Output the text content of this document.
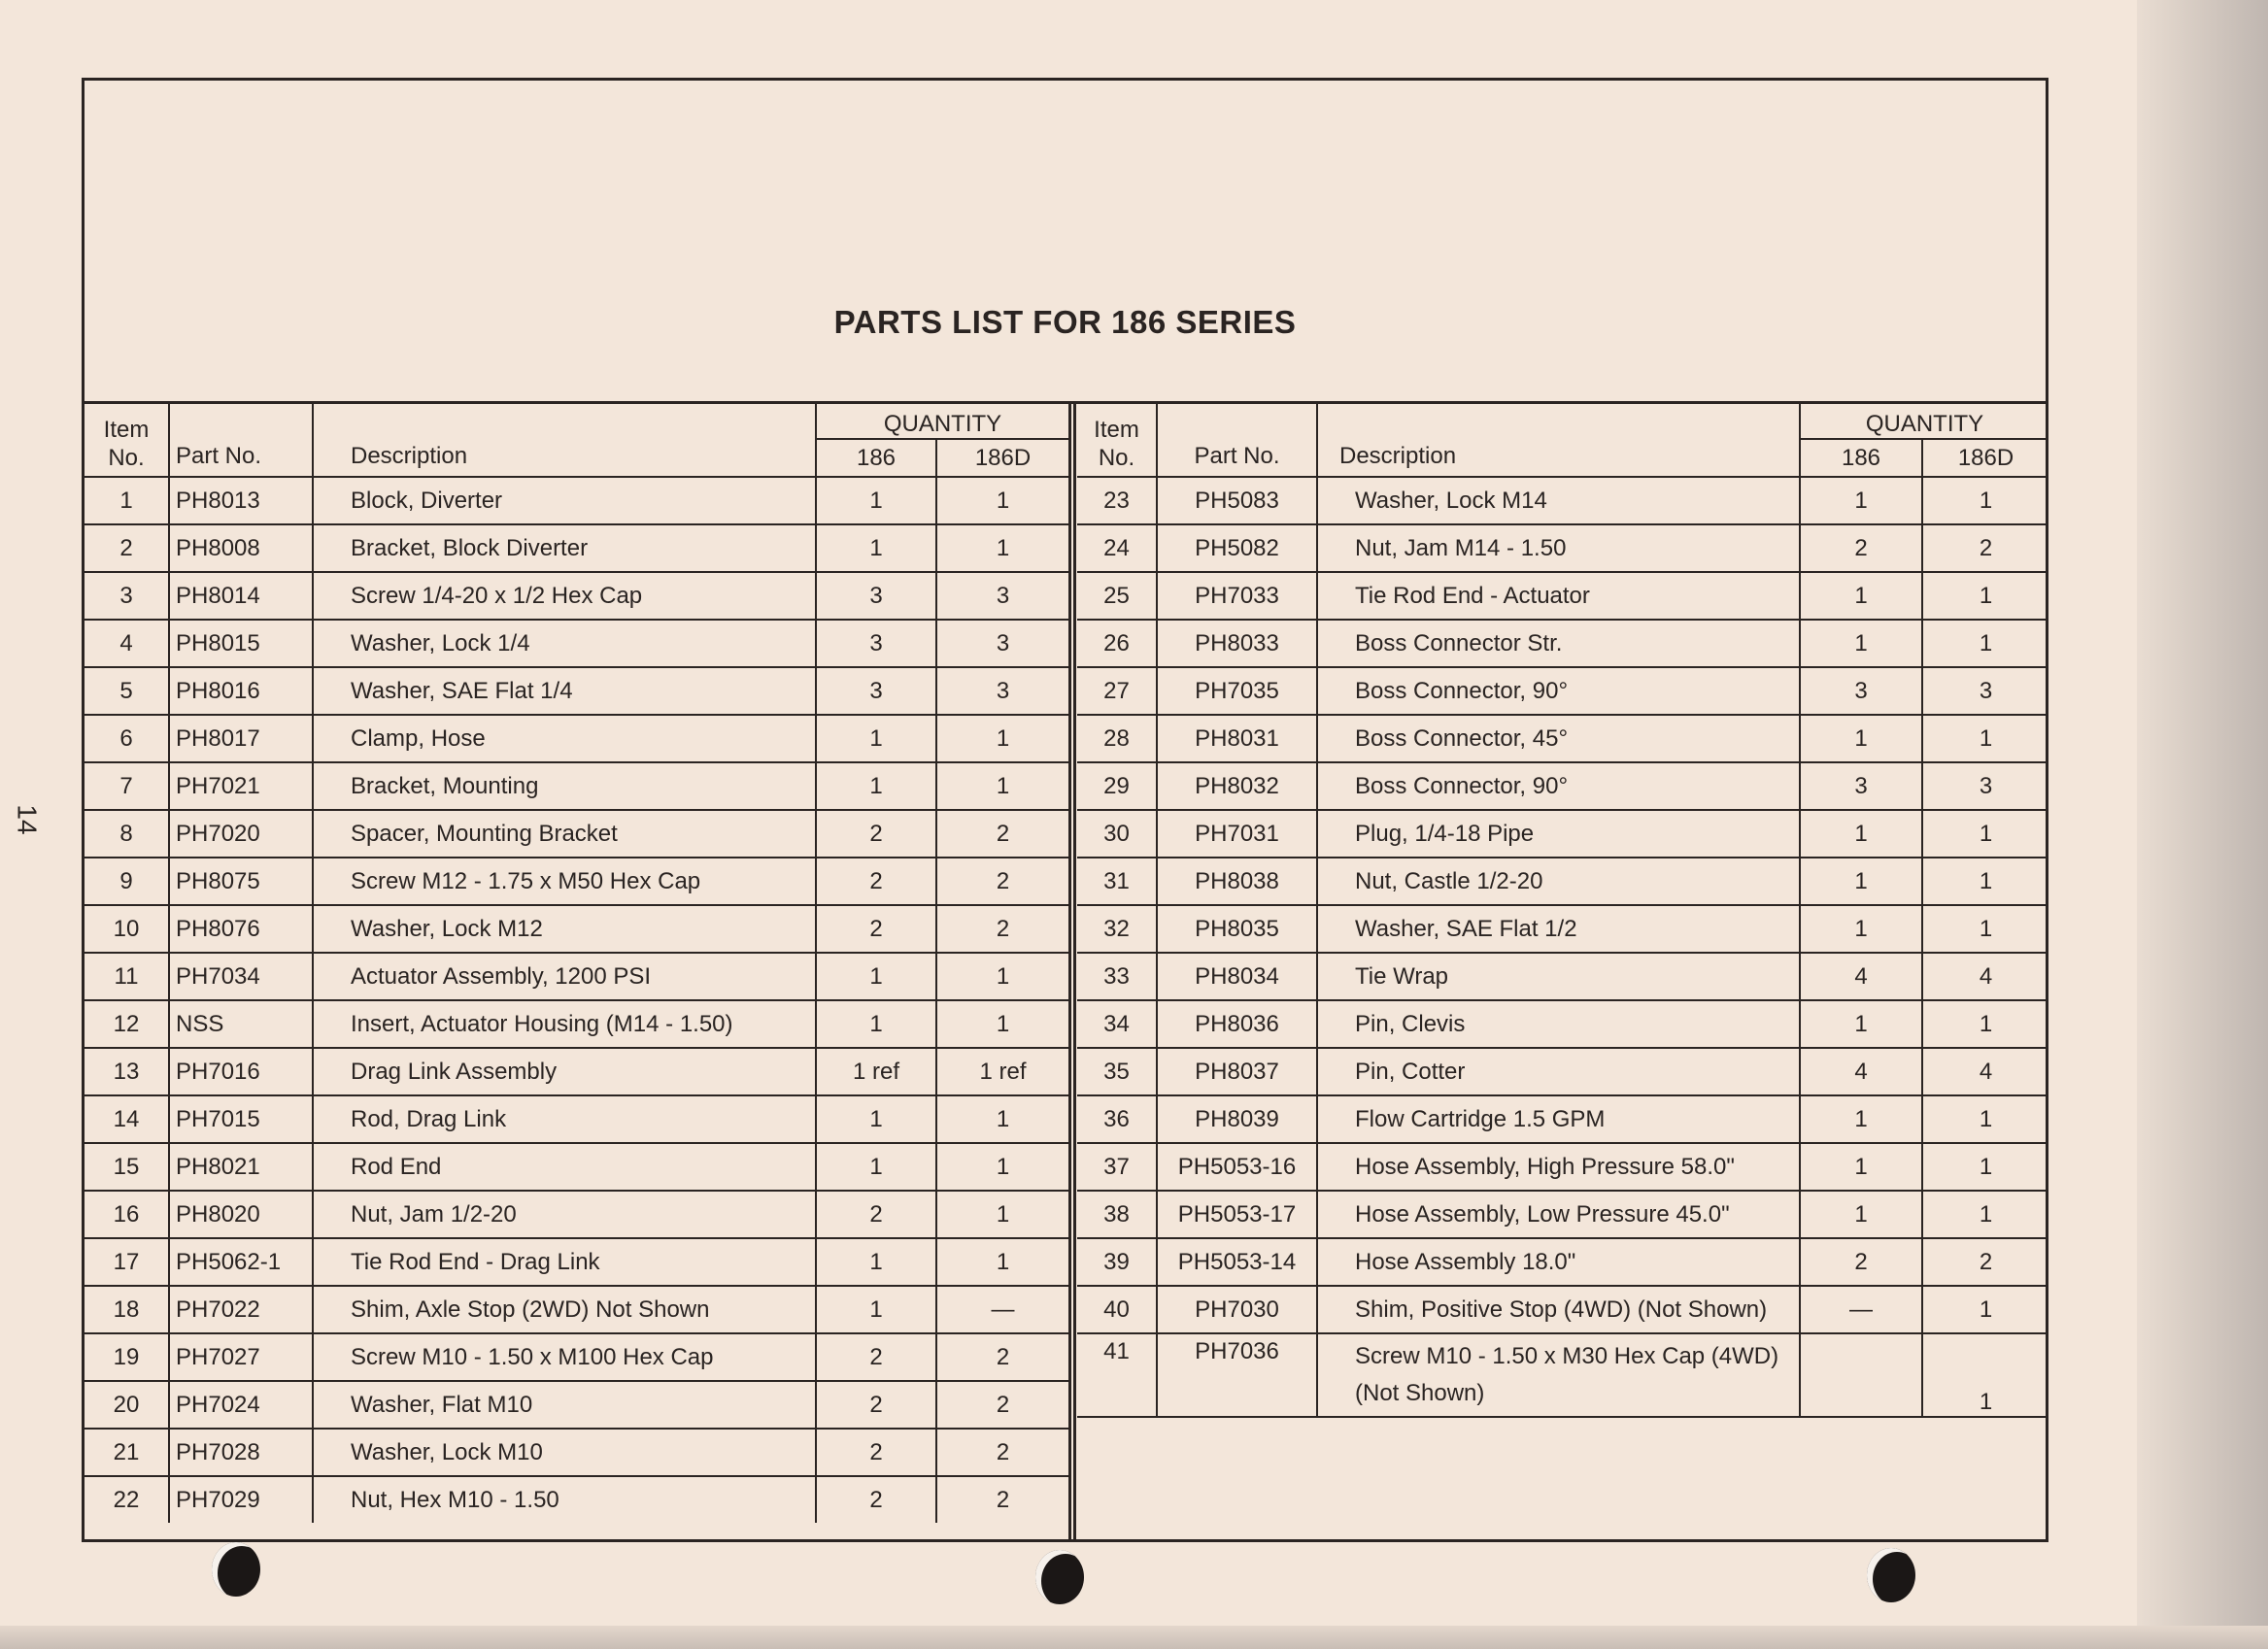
14
PARTS LIST FOR 186 SERIES
Item
No.	Part No.	Description	QUANTITY	
			186	186D
1	PH8013	Block, Diverter	1	1
2	PH8008	Bracket, Block Diverter	1	1
3	PH8014	Screw 1/4-20 x 1/2 Hex Cap	3	3
4	PH8015	Washer, Lock 1/4	3	3
5	PH8016	Washer, SAE Flat 1/4	3	3
6	PH8017	Clamp, Hose	1	1
7	PH7021	Bracket, Mounting	1	1
8	PH7020	Spacer, Mounting Bracket	2	2
9	PH8075	Screw M12 - 1.75 x M50 Hex Cap	2	2
10	PH8076	Washer, Lock M12	2	2
11	PH7034	Actuator Assembly, 1200 PSI	1	1
12	NSS	Insert, Actuator Housing (M14 - 1.50)	1	1
13	PH7016	Drag Link Assembly	1 ref	1 ref
14	PH7015	Rod, Drag Link	1	1
15	PH8021	Rod End	1	1
16	PH8020	Nut, Jam 1/2-20	2	1
17	PH5062-1	Tie Rod End - Drag Link	1	1
18	PH7022	Shim, Axle Stop (2WD) Not Shown	1	—
19	PH7027	Screw M10 - 1.50 x M100 Hex Cap	2	2
20	PH7024	Washer, Flat M10	2	2
21	PH7028	Washer, Lock M10	2	2
22	PH7029	Nut, Hex M10 - 1.50	2	2
Item
No.	Part No.	Description	QUANTITY	
			186	186D
23	PH5083	Washer, Lock M14	1	1
24	PH5082	Nut, Jam M14 - 1.50	2	2
25	PH7033	Tie Rod End - Actuator	1	1
26	PH8033	Boss Connector Str.	1	1
27	PH7035	Boss Connector, 90°	3	3
28	PH8031	Boss Connector, 45°	1	1
29	PH8032	Boss Connector, 90°	3	3
30	PH7031	Plug, 1/4-18 Pipe	1	1
31	PH8038	Nut, Castle 1/2-20	1	1
32	PH8035	Washer, SAE Flat 1/2	1	1
33	PH8034	Tie Wrap	4	4
34	PH8036	Pin, Clevis	1	1
35	PH8037	Pin, Cotter	4	4
36	PH8039	Flow Cartridge 1.5 GPM	1	1
37	PH5053-16	Hose Assembly, High Pressure 58.0"	1	1
38	PH5053-17	Hose Assembly, Low Pressure 45.0"	1	1
39	PH5053-14	Hose Assembly 18.0"	2	2
40	PH7030	Shim, Positive Stop (4WD) (Not Shown)	—	1
41	PH7036	Screw M10 - 1.50 x M30 Hex Cap (4WD) (Not Shown)		1
